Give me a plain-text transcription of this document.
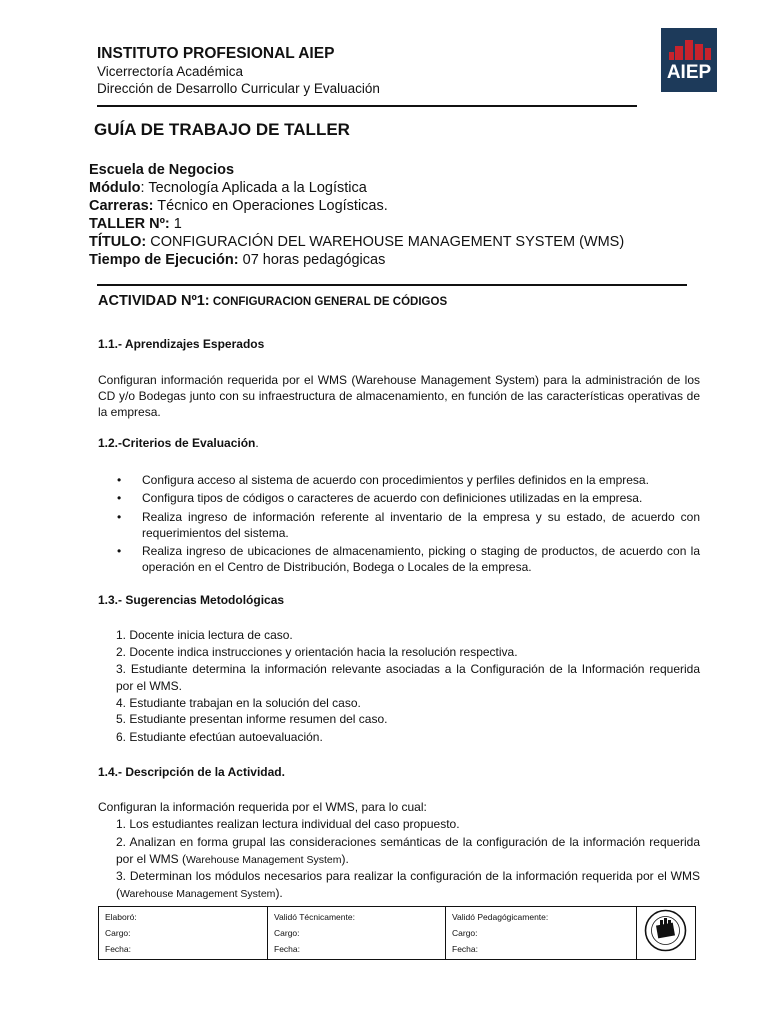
INSTITUTO PROFESIONAL AIEP
Vicerrectoría Académica
Dirección de Desarrollo Curricular y Evaluación
AIEP
GUÍA DE TRABAJO DE TALLER
Escuela de Negocios
Módulo: Tecnología Aplicada a la Logística
Carreras: Técnico en Operaciones Logísticas.
TALLER Nº: 1
TÍTULO: CONFIGURACIÓN DEL WAREHOUSE MANAGEMENT SYSTEM (WMS)
Tiempo de Ejecución: 07 horas pedagógicas
ACTIVIDAD Nº1: CONFIGURACION GENERAL DE CÓDIGOS
1.1.- Aprendizajes Esperados
Configuran información requerida por el WMS (Warehouse Management System) para la administración de los CD y/o Bodegas junto con su infraestructura de almacenamiento, en función de las características operativas de la empresa.
1.2.-Criterios de Evaluación.
• Configura acceso al sistema de acuerdo con procedimientos y perfiles definidos en la empresa.
• Configura tipos de códigos o caracteres de acuerdo con definiciones utilizadas en la empresa.
• Realiza ingreso de información referente al inventario de la empresa y su estado, de acuerdo con requerimientos del sistema.
• Realiza ingreso de ubicaciones de almacenamiento, picking o staging de productos, de acuerdo con la operación en el Centro de Distribución, Bodega o Locales de la empresa.
1.3.- Sugerencias Metodológicas
1. Docente inicia lectura de caso.
2. Docente indica instrucciones y orientación hacia la resolución respectiva.
3. Estudiante determina la información relevante asociadas a la Configuración de la Información requerida por el WMS.
4. Estudiante trabajan en la solución del caso.
5. Estudiante presentan informe resumen del caso.
6. Estudiante efectúan autoevaluación.
1.4.- Descripción de la Actividad.
Configuran la información requerida por el WMS, para lo cual:
1. Los estudiantes realizan lectura individual del caso propuesto.
2. Analizan en forma grupal las consideraciones semánticas de la configuración de la información requerida por el WMS (Warehouse Management System).
3. Determinan los módulos necesarios para realizar la configuración de la información requerida por el WMS (Warehouse Management System).
Elaboró:
Cargo:
Fecha:

Validó Técnicamente:
Cargo:
Fecha:

Validó Pedagógicamente:
Cargo:
Fecha:
